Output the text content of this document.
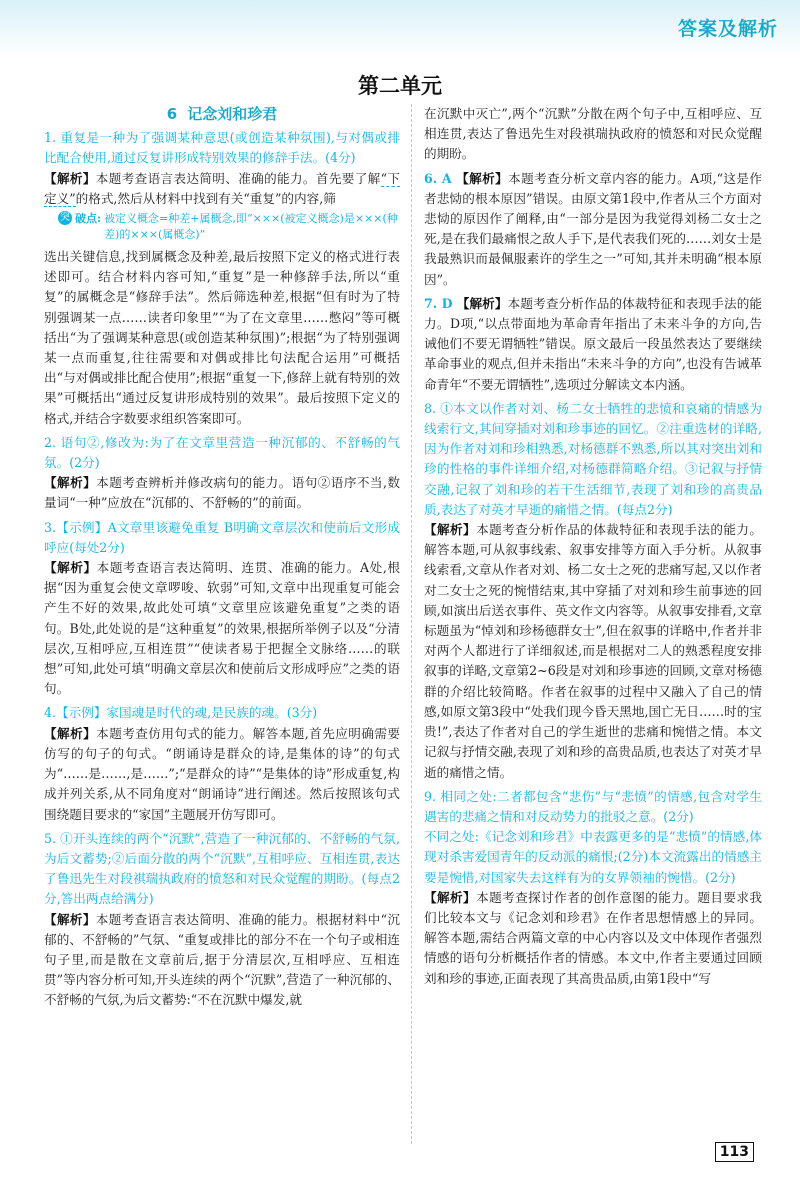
答案及解析
第二单元
6 记念刘和珍君

1. 重复是一种为了强调某种意思(或创造某种氛围),与对偶或排比配合使用,通过反复讲形成特别效果的修辞手法。(4分)

【解析】本题考查语言表达简明、准确的能力。首先要了解“下定义”的格式,然后从材料中找到有关“重复”的内容,筛

突 破点: 被定义概念=种差+属概念,即“×××(被定义概念)是×××(种差)的×××(属概念)”

选出关键信息,找到属概念及种差,最后按照下定义的格式进行表述即可。结合材料内容可知,“重复”是一种修辞手法,所以“重复”的属概念是“修辞手法”。然后筛选种差,根据“但有时为了特别强调某一点……读者印象里”“为了在文章里……憋闷”等可概括出“为了强调某种意思(或创造某种氛围)”;根据“为了特别强调某一点而重复,往往需要和对偶或排比句法配合运用”可概括出“与对偶或排比配合使用”;根据“重复一下,修辞上就有特别的效果”可概括出“通过反复讲形成特别的效果”。最后按照下定义的格式,并结合字数要求组织答案即可。

2. 语句②,修改为:为了在文章里营造一种沉郁的、不舒畅的气氛。(2分)

【解析】本题考查辨析并修改病句的能力。语句②语序不当,数量词“一种”应放在“沉郁的、不舒畅的”的前面。

3.【示例】A文章里该避免重复 B明确文章层次和使前后文形成呼应(每处2分)

【解析】本题考查语言表达简明、连贯、准确的能力。A处,根据“因为重复会使文章啰唆、软弱”可知,文章中出现重复可能会产生不好的效果,故此处可填“文章里应该避免重复”之类的语句。B处,此处说的是“这种重复”的效果,根据所举例子以及“分清层次,互相呼应,互相连贯”“使读者易于把握全文脉络……的联想”可知,此处可填“明确文章层次和使前后文形成呼应”之类的语句。

4.【示例】家国魂是时代的魂,是民族的魂。(3分)

【解析】本题考查仿用句式的能力。解答本题,首先应明确需要仿写的句子的句式。“朗诵诗是群众的诗,是集体的诗”的句式为“……是……,是……”;“是群众的诗”“是集体的诗”形成重复,构成并列关系,从不同角度对“朗诵诗”进行阐述。然后按照该句式围绕题目要求的“家国”主题展开仿写即可。

5. ①开头连续的两个“沉默”,营造了一种沉郁的、不舒畅的气氛,为后文蓄势;②后面分散的两个“沉默”,互相呼应、互相连贯,表达了鲁迅先生对段祺瑞执政府的愤怒和对民众觉醒的期盼。(每点2分,答出两点给满分)

【解析】本题考查语言表达简明、准确的能力。根据材料中“沉郁的、不舒畅的”气氛、“重复或排比的部分不在一个句子或相连句子里,而是散在文章前后,据于分清层次,互相呼应、互相连贯”等内容分析可知,开头连续的两个“沉默”,营造了一种沉郁的、不舒畅的气氛,为后文蓄势:“不在沉默中爆发,就

在沉默中灭亡”,两个“沉默”分散在两个句子中,互相呼应、互相连贯,表达了鲁迅先生对段祺瑞执政府的愤怒和对民众觉醒的期盼。

6. A 【解析】本题考查分析文章内容的能力。A项,“这是作者悲恸的根本原因”错误。由原文第1段中,作者从三个方面对悲恸的原因作了阐释,由“一部分是因为我觉得刘杨二女士之死,是在我们最痛恨之敌人手下,是代表我们死的……刘女士是我最熟识而最佩服素许的学生之一”可知,其并未明确“根本原因”。

7. D 【解析】本题考查分析作品的体裁特征和表现手法的能力。D项,“以点带面地为革命青年指出了未来斗争的方向,告诫他们不要无谓牺牲”错误。原文最后一段虽然表达了要继续革命事业的观点,但并未指出“未来斗争的方向”,也没有告诫革命青年“不要无谓牺牲”,选项过分解读文本内涵。

8. ①本文以作者对刘、杨二女士牺牲的悲愤和哀痛的情感为线索行文,其间穿插对刘和珍事迹的回忆。②注重选材的详略,因为作者对刘和珍相熟悉,对杨德群不熟悉,所以其对突出刘和珍的性格的事件详细介绍,对杨德群简略介绍。③记叙与抒情交融,记叙了刘和珍的若干生活细节,表现了刘和珍的高贵品质,表达了对英才早逝的痛惜之情。(每点2分)

【解析】本题考查分析作品的体裁特征和表现手法的能力。解答本题,可从叙事线索、叙事安排等方面入手分析。从叙事线索看,文章从作者对刘、杨二女士之死的悲痛写起,又以作者对二女士之死的惋惜结束,其中穿插了对刘和珍生前事迹的回顾,如演出后送衣事件、英文作文内容等。从叙事安排看,文章标题虽为“悼刘和珍杨德群女士”,但在叙事的详略中,作者并非对两个人都进行了详细叙述,而是根据对二人的熟悉程度安排叙事的详略,文章第2~6段是对刘和珍事迹的回顾,文章对杨德群的介绍比较简略。作者在叙事的过程中又融入了自己的情感,如原文第3段中“处我们现今昏天黑地,国亡无日……时的宝贵!”,表达了作者对自己的学生逝世的悲痛和惋惜之情。本文记叙与抒情交融,表现了刘和珍的高贵品质,也表达了对英才早逝的痛惜之情。

9. 相同之处:二者都包含“悲伤”与“悲愤”的情感,包含对学生遇害的悲痛之情和对反动势力的批驳之意。(2分)

不同之处:《记念刘和珍君》中表露更多的是“悲愤”的情感,体现对杀害爱国青年的反动派的痛恨;(2分)本文流露出的情感主要是惋惜,对国家失去这样有为的女界领袖的惋惜。(2分)

【解析】本题考查探讨作者的创作意图的能力。题目要求我们比较本文与《记念刘和珍君》在作者思想情感上的异同。解答本题,需结合两篇文章的中心内容以及文中体现作者强烈情感的语句分析概括作者的情感。本文中,作者主要通过回顾刘和珍的事迹,正面表现了其高贵品质,由第1段中“写

113
